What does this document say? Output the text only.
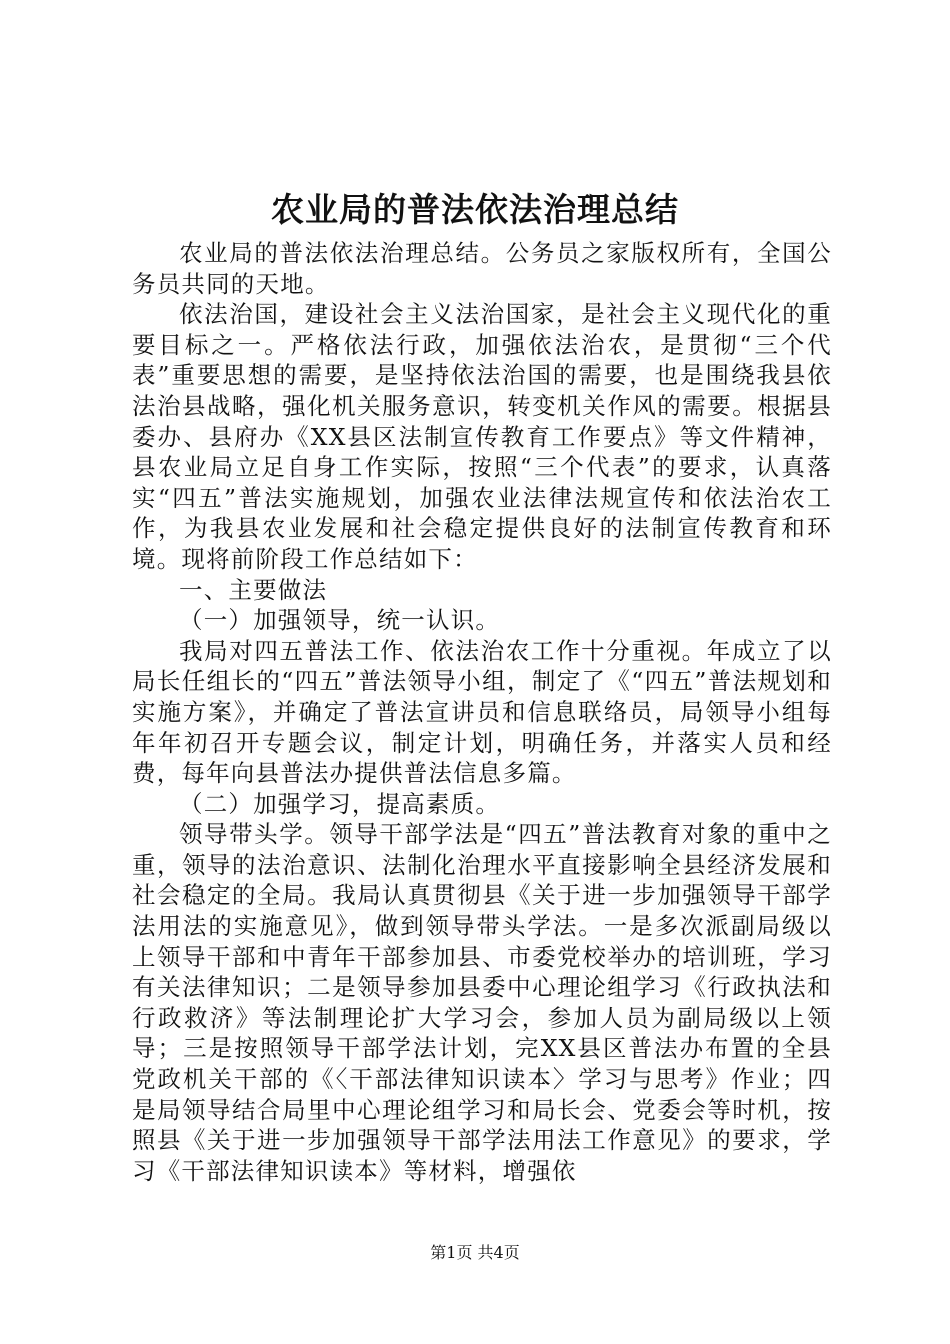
农业局的普法依法治理总结

农业局的普法依法治理总结。公务员之家版权所有，全国公务员共同的天地。

依法治国，建设社会主义法治国家，是社会主义现代化的重要目标之一。严格依法行政，加强依法治农，是贯彻“三个代表”重要思想的需要，是坚持依法治国的需要，也是围绕我县依法治县战略，强化机关服务意识，转变机关作风的需要。根据县委办、县府办《XX县区法制宣传教育工作要点》等文件精神，县农业局立足自身工作实际，按照“三个代表”的要求，认真落实“四五”普法实施规划，加强农业法律法规宣传和依法治农工作，为我县农业发展和社会稳定提供良好的法制宣传教育和环境。现将前阶段工作总结如下：

一、主要做法

（一）加强领导，统一认识。

我局对四五普法工作、依法治农工作十分重视。年成立了以局长任组长的“四五”普法领导小组，制定了《“四五”普法规划和实施方案》，并确定了普法宣讲员和信息联络员，局领导小组每年年初召开专题会议，制定计划，明确任务，并落实人员和经费，每年向县普法办提供普法信息多篇。

（二）加强学习，提高素质。

领导带头学。领导干部学法是“四五”普法教育对象的重中之重，领导的法治意识、法制化治理水平直接影响全县经济发展和社会稳定的全局。我局认真贯彻县《关于进一步加强领导干部学法用法的实施意见》，做到领导带头学法。一是多次派副局级以上领导干部和中青年干部参加县、市委党校举办的培训班，学习有关法律知识；二是领导参加县委中心理论组学习《行政执法和行政救济》等法制理论扩大学习会，参加人员为副局级以上领导；三是按照领导干部学法计划，完XX县区普法办布置的全县党政机关干部的《〈干部法律知识读本〉学习与思考》作业；四是局领导结合局里中心理论组学习和局长会、党委会等时机，按照县《关于进一步加强领导干部学法用法工作意见》的要求，学习《干部法律知识读本》等材料，增强依

第1页 共4页
